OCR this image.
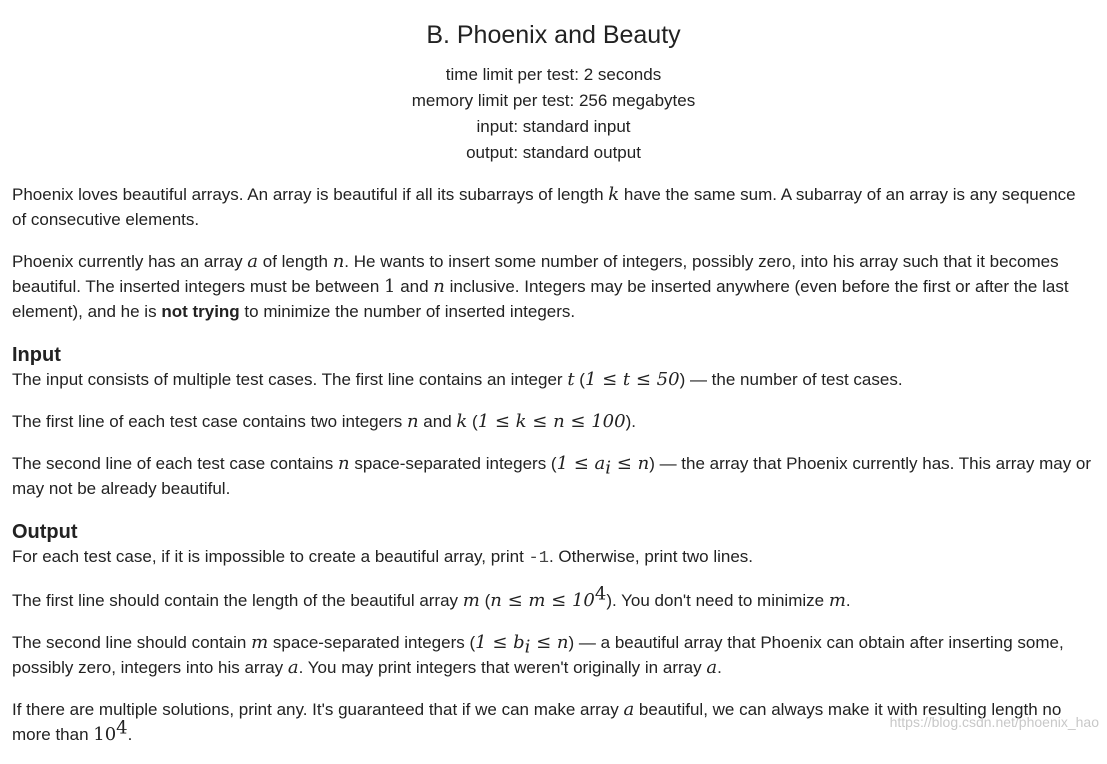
B. Phoenix and Beauty
time limit per test: 2 seconds
memory limit per test: 256 megabytes
input: standard input
output: standard output

Phoenix loves beautiful arrays. An array is beautiful if all its subarrays of length k have the same sum. A subarray of an array is any sequence of consecutive elements.

Phoenix currently has an array a of length n. He wants to insert some number of integers, possibly zero, into his array such that it becomes beautiful. The inserted integers must be between 1 and n inclusive. Integers may be inserted anywhere (even before the first or after the last element), and he is not trying to minimize the number of inserted integers.

Input

The input consists of multiple test cases. The first line contains an integer t (1 ≤ t ≤ 50) — the number of test cases.

The first line of each test case contains two integers n and k (1 ≤ k ≤ n ≤ 100).

The second line of each test case contains n space-separated integers $(1 \le a_i \le n)$ — the array that Phoenix currently has. This array may or may not be already beautiful.

Output

For each test case, if it is impossible to create a beautiful array, print -1. Otherwise, print two lines.

The first line should contain the length of the beautiful array m $(n \le m \le 10^4)$. You don't need to minimize m.

The second line should contain m space-separated integers $(1 \le b_i \le n)$ — a beautiful array that Phoenix can obtain after inserting some, possibly zero, integers into his array a. You may print integers that weren't originally in array a.

If there are multiple solutions, print any. It's guaranteed that if we can make array a beautiful, we can always make it with resulting length no more than $10^4$.

https://blog.csdn.net/phoenix_hao
